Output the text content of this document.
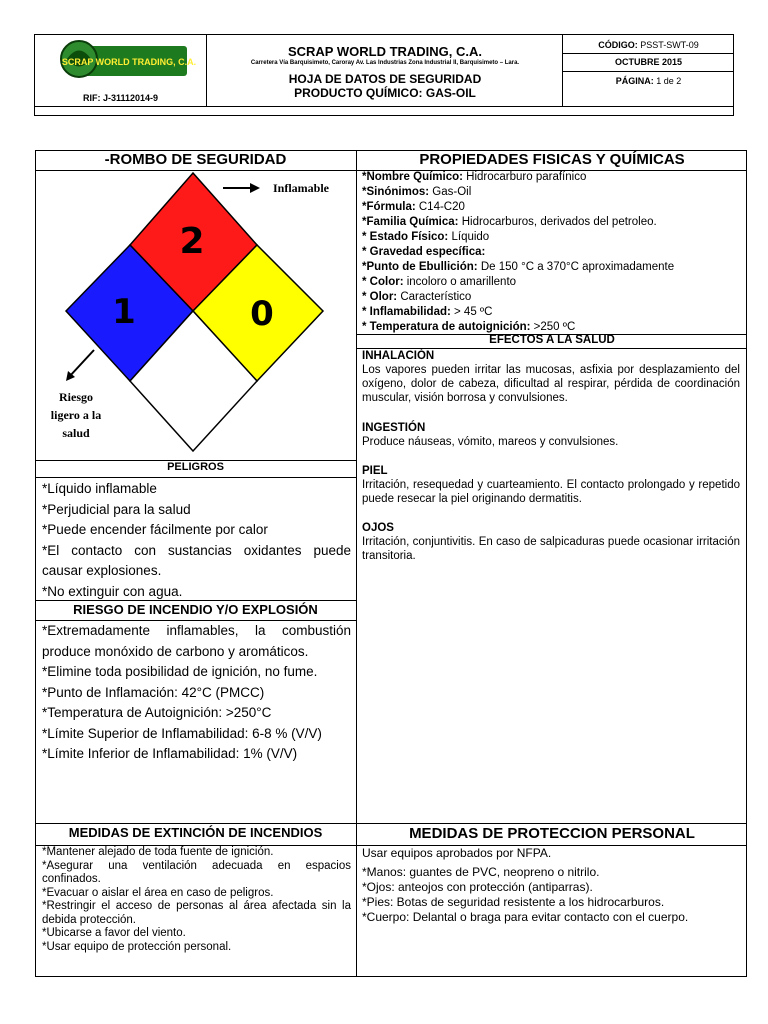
SCRAP WORLD TRADING, C.A.
RIF: J-31112014-9
SCRAP WORLD TRADING, C.A.
Carretera Vía Barquisimeto, Caroray Av. Las Industrias Zona Industrial II, Barquisimeto – Lara.
HOJA DE DATOS DE SEGURIDAD
PRODUCTO QUÍMICO: GAS-OIL
CÓDIGO: PSST-SWT-09
OCTUBRE 2015
PÁGINA: 1 de 2
-ROMBO DE SEGURIDAD
2
1	0
Inflamable
Riesgo
ligero a la
salud
PELIGROS
*Líquido inflamable
*Perjudicial para la salud
*Puede encender fácilmente por calor
*El contacto con sustancias oxidantes puede causar explosiones.
*No extinguir con agua.
RIESGO DE INCENDIO Y/O EXPLOSIÓN
*Extremadamente inflamables, la combustión produce monóxido de carbono y aromáticos.
*Elimine toda posibilidad de ignición, no fume.
*Punto de Inflamación: 42°C (PMCC)
*Temperatura de Autoignición: >250°C
*Límite Superior de Inflamabilidad: 6-8 % (V/V)
*Límite Inferior de Inflamabilidad: 1% (V/V)
MEDIDAS DE EXTINCIÓN DE INCENDIOS
*Mantener alejado de toda fuente de ignición.
*Asegurar una ventilación adecuada en espacios confinados.
*Evacuar o aislar el área en caso de peligros.
*Restringir el acceso de personas al área afectada sin la debida protección.
*Ubicarse a favor del viento.
*Usar equipo de protección personal.
PROPIEDADES FISICAS Y QUÍMICAS
*Nombre Químico: Hidrocarburo parafínico
*Sinónimos: Gas-Oil
*Fórmula: C14-C20
*Familia Química: Hidrocarburos, derivados del petroleo.
* Estado Físico: Líquido
* Gravedad específica:
*Punto de Ebullición: De 150 °C a 370°C aproximadamente
* Color: incoloro o amarillento
* Olor: Característico
* Inflamabilidad: > 45 ºC
* Temperatura de autoignición: >250 ºC
EFECTOS A LA SALUD
INHALACIÓN
Los vapores pueden irritar las mucosas, asfixia por desplazamiento del oxígeno, dolor de cabeza, dificultad al respirar, pérdida de coordinación muscular, visión borrosa y convulsiones.
INGESTIÓN
Produce náuseas, vómito, mareos y convulsiones.
PIEL
Irritación, resequedad y cuarteamiento. El contacto prolongado y repetido puede resecar la piel originando dermatitis.
OJOS
Irritación, conjuntivitis. En caso de salpicaduras puede ocasionar irritación transitoria.
MEDIDAS DE PROTECCION PERSONAL
Usar equipos aprobados por NFPA.
*Manos: guantes de PVC, neopreno o nitrilo.
*Ojos: anteojos con protección (antiparras).
*Pies: Botas de seguridad resistente a los hidrocarburos.
*Cuerpo: Delantal o braga para evitar contacto con el cuerpo.
